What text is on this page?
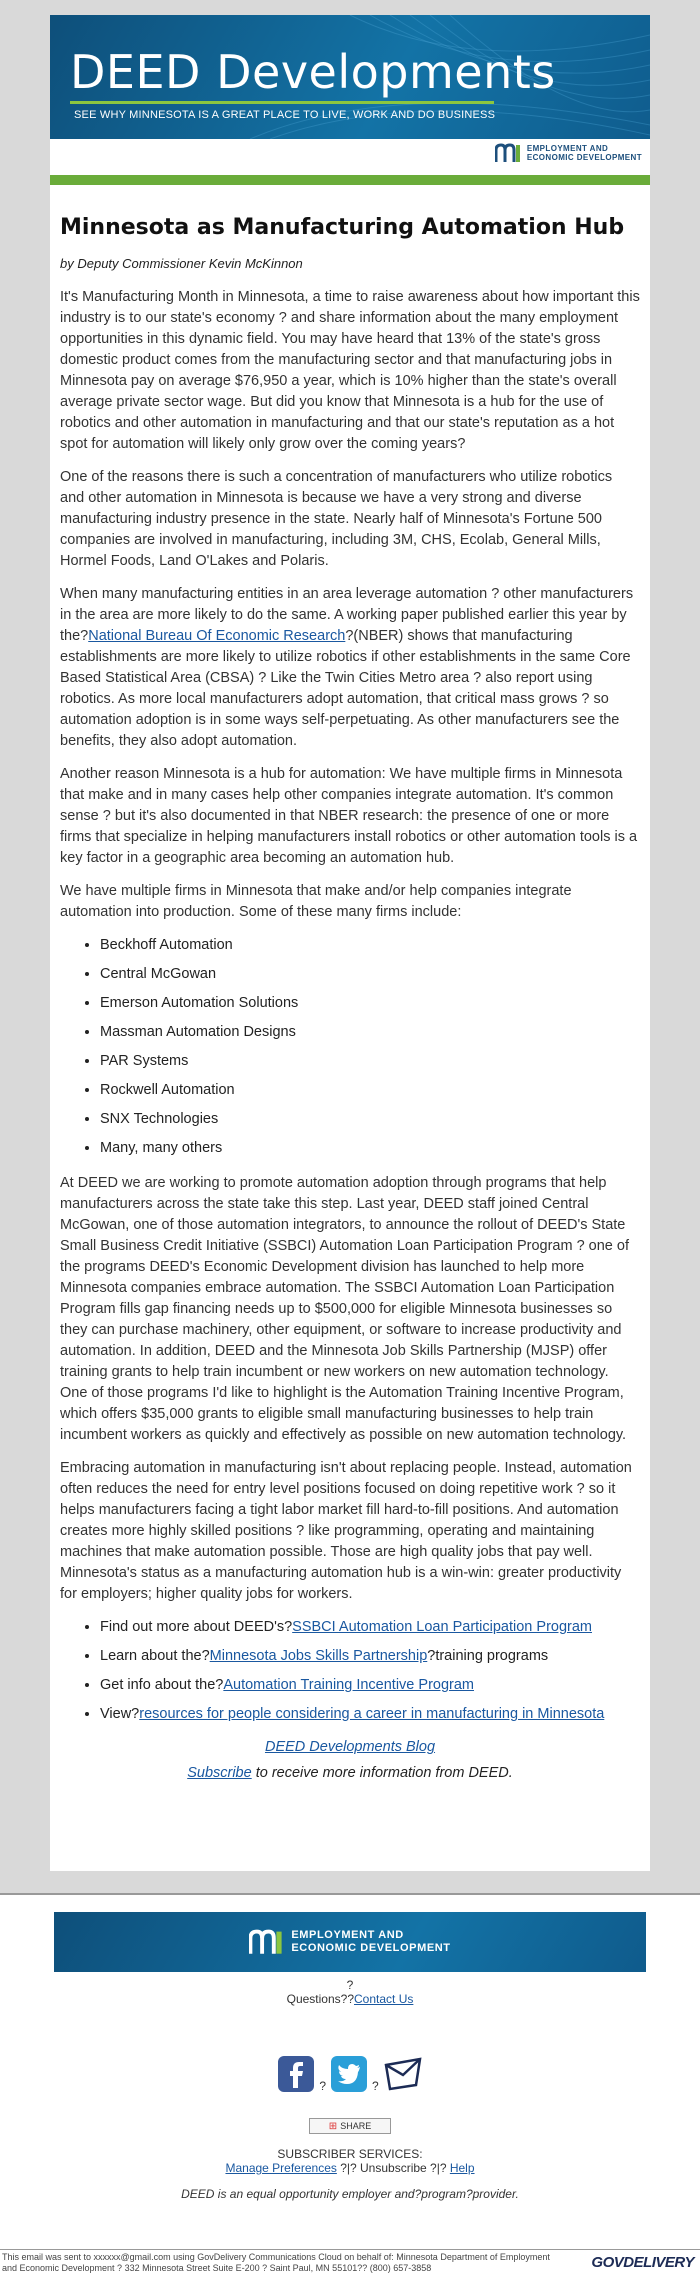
DEED Developments
SEE WHY MINNESOTA IS A GREAT PLACE TO LIVE, WORK AND DO BUSINESS
EMPLOYMENT AND
ECONOMIC DEVELOPMENT
Minnesota as Manufacturing Automation Hub
by Deputy Commissioner Kevin McKinnon

It's Manufacturing Month in Minnesota, a time to raise awareness about how important this industry is to our state's economy ? and share information about the many employment opportunities in this dynamic field. You may have heard that 13% of the state's gross domestic product comes from the manufacturing sector and that manufacturing jobs in Minnesota pay on average $76,950 a year, which is 10% higher than the state's overall average private sector wage. But did you know that Minnesota is a hub for the use of robotics and other automation in manufacturing and that our state's reputation as a hot spot for automation will likely only grow over the coming years?

One of the reasons there is such a concentration of manufacturers who utilize robotics and other automation in Minnesota is because we have a very strong and diverse manufacturing industry presence in the state. Nearly half of Minnesota's Fortune 500 companies are involved in manufacturing, including 3M, CHS, Ecolab, General Mills, Hormel Foods, Land O'Lakes and Polaris.

When many manufacturing entities in an area leverage automation ? other manufacturers in the area are more likely to do the same. A working paper published earlier this year by the?National Bureau Of Economic Research?(NBER) shows that manufacturing establishments are more likely to utilize robotics if other establishments in the same Core Based Statistical Area (CBSA) ? Like the Twin Cities Metro area ? also report using robotics. As more local manufacturers adopt automation, that critical mass grows ? so automation adoption is in some ways self-perpetuating. As other manufacturers see the benefits, they also adopt automation.

Another reason Minnesota is a hub for automation: We have multiple firms in Minnesota that make and in many cases help other companies integrate automation. It's common sense ? but it's also documented in that NBER research: the presence of one or more firms that specialize in helping manufacturers install robotics or other automation tools is a key factor in a geographic area becoming an automation hub.

We have multiple firms in Minnesota that make and/or help companies integrate automation into production. Some of these many firms include:

• Beckhoff Automation
• Central McGowan
• Emerson Automation Solutions
• Massman Automation Designs
• PAR Systems
• Rockwell Automation
• SNX Technologies
• Many, many others

At DEED we are working to promote automation adoption through programs that help manufacturers across the state take this step. Last year, DEED staff joined Central McGowan, one of those automation integrators, to announce the rollout of DEED's State Small Business Credit Initiative (SSBCI) Automation Loan Participation Program ? one of the programs DEED's Economic Development division has launched to help more Minnesota companies embrace automation. The SSBCI Automation Loan Participation Program fills gap financing needs up to $500,000 for eligible Minnesota businesses so they can purchase machinery, other equipment, or software to increase productivity and automation. In addition, DEED and the Minnesota Job Skills Partnership (MJSP) offer training grants to help train incumbent or new workers on new automation technology. One of those programs I'd like to highlight is the Automation Training Incentive Program, which offers $35,000 grants to eligible small manufacturing businesses to help train incumbent workers as quickly and effectively as possible on new automation technology.

Embracing automation in manufacturing isn't about replacing people. Instead, automation often reduces the need for entry level positions focused on doing repetitive work ? so it helps manufacturers facing a tight labor market fill hard-to-fill positions. And automation creates more highly skilled positions ? like programming, operating and maintaining machines that make automation possible. Those are high quality jobs that pay well. Minnesota's status as a manufacturing automation hub is a win-win: greater productivity for employers; higher quality jobs for workers.

• Find out more about DEED's?SSBCI Automation Loan Participation Program
• Learn about the?Minnesota Jobs Skills Partnership?training programs
• Get info about the?Automation Training Incentive Program
• View?resources for people considering a career in manufacturing in Minnesota
DEED Developments Blog
Subscribe to receive more information from DEED.
EMPLOYMENT AND
ECONOMIC DEVELOPMENT
?
Questions??Contact Us
?	?
⊞ SHARE
SUBSCRIBER SERVICES:
Manage Preferences ?|? Unsubscribe ?|? Help
DEED is an equal opportunity employer and?program?provider.
This email was sent to xxxxxx@gmail.com using GovDelivery Communications Cloud on behalf of: Minnesota Department of Employment and Economic Development ? 332 Minnesota Street Suite E-200 ? Saint Paul, MN 55101?? (800) 657-3858	GOVDELIVERY
